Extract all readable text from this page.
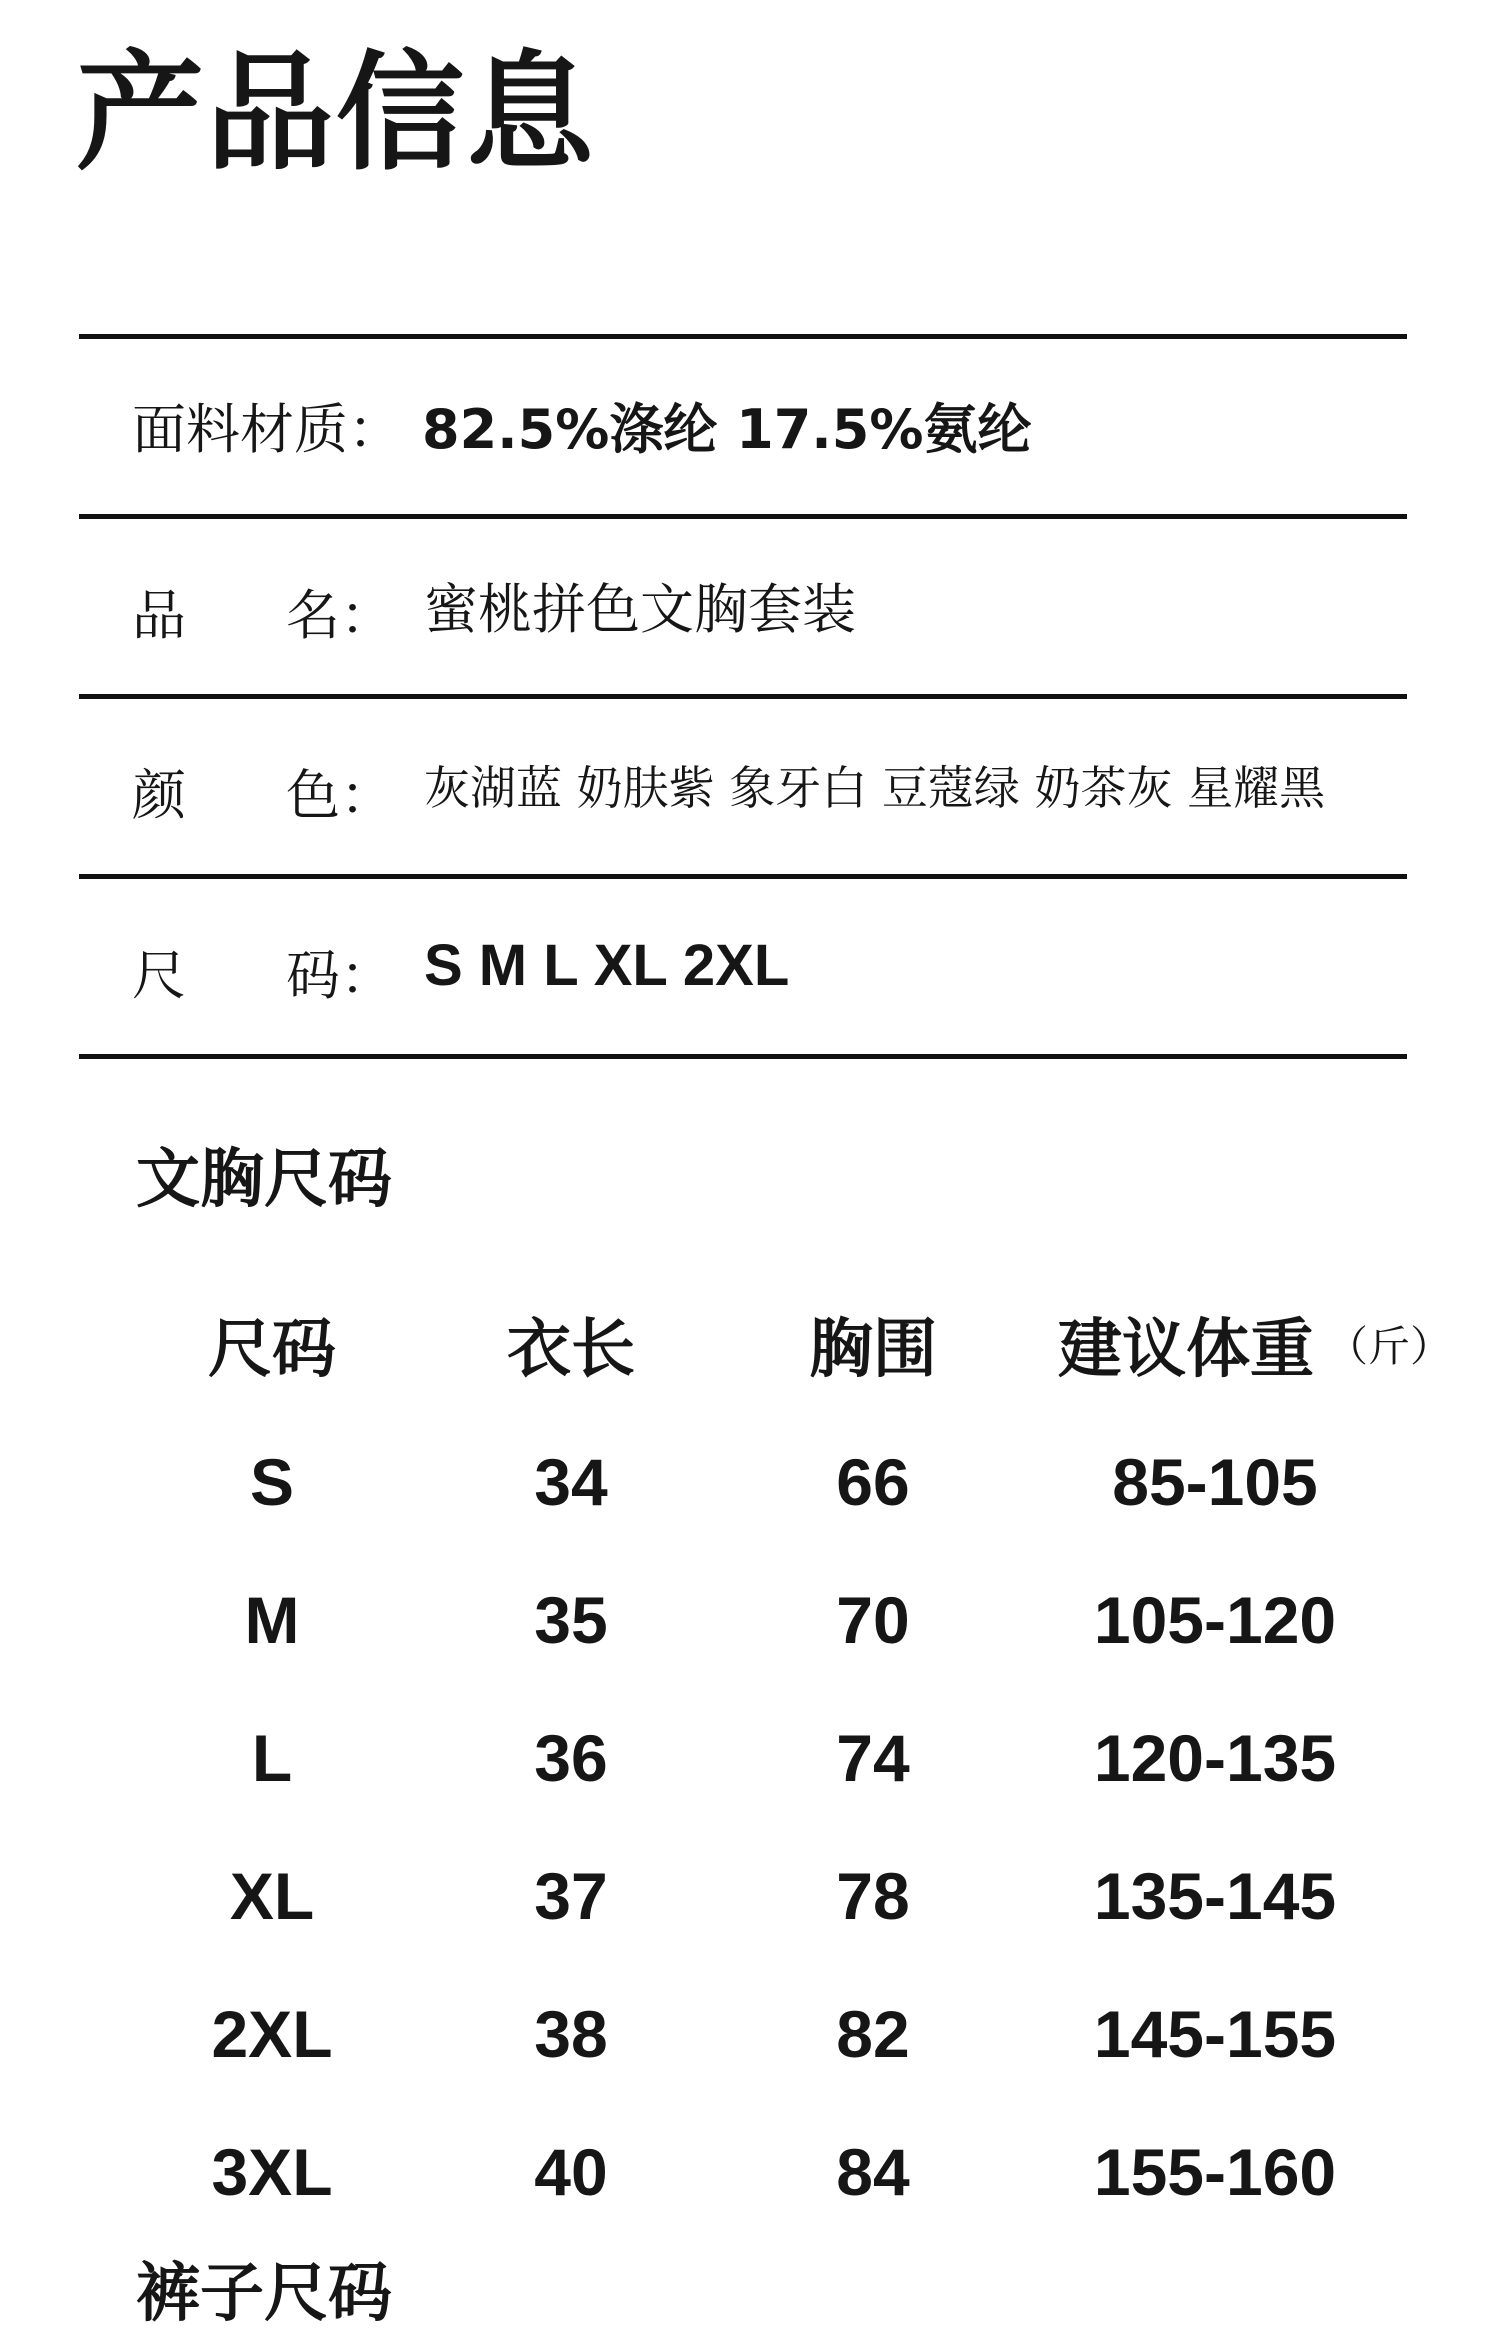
产品信息
面料材质： 82.5%涤纶 17.5%氨纶
品 名： 蜜桃拼色文胸套装
颜 色： 灰湖蓝 奶肤紫 象牙白 豆蔻绿 奶茶灰 星耀黑
尺 码： S M L XL 2XL
文胸尺码
尺码	衣长	胸围 建议体重 （斤）
S	34	66	85-105
M	35	70	105-120
L	36	74	120-135
XL	37	78	135-145
2XL	38	82	145-155
3XL	40	84	155-160
裤子尺码
